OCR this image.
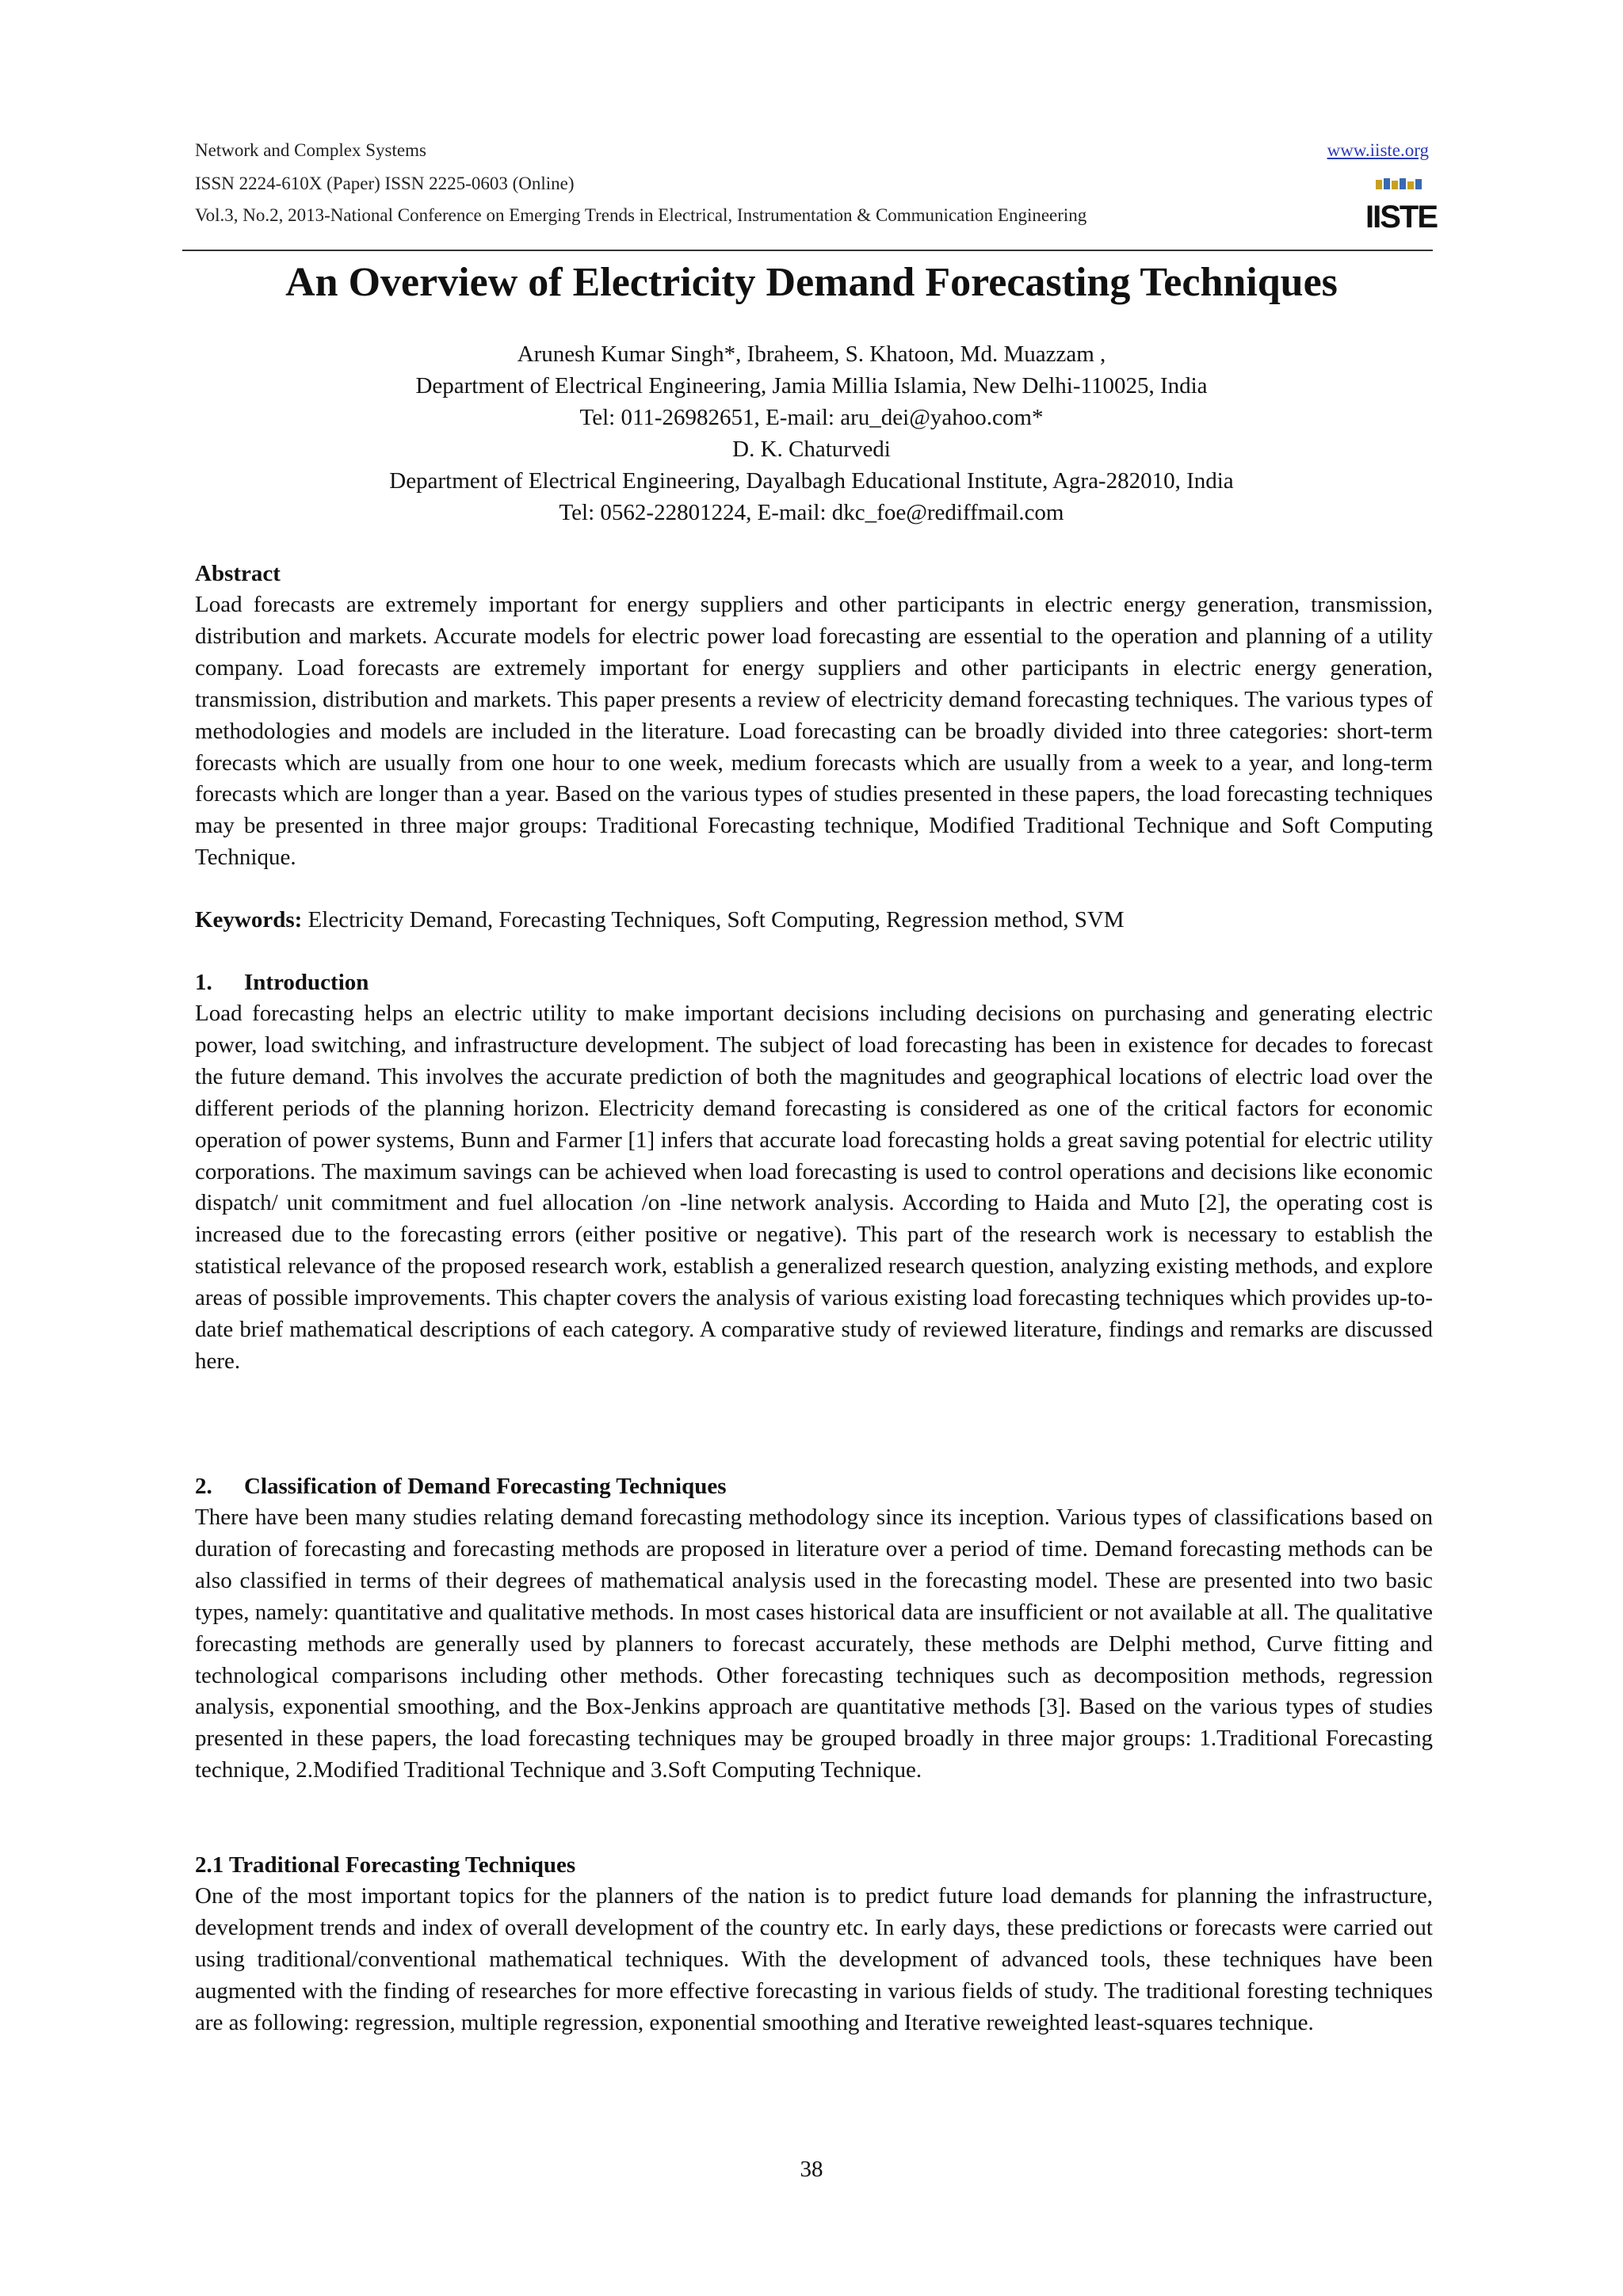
Network and Complex Systems	www.iiste.org
ISSN 2224-610X (Paper) ISSN 2225-0603 (Online)
Vol.3, No.2, 2013-National Conference on Emerging Trends in Electrical, Instrumentation & Communication Engineering	IISTE
An Overview of Electricity Demand Forecasting Techniques
Arunesh Kumar Singh*, Ibraheem, S. Khatoon, Md. Muazzam ,
Department of Electrical Engineering, Jamia Millia Islamia, New Delhi-110025, India
Tel: 011-26982651, E-mail: aru_dei@yahoo.com*
D. K. Chaturvedi
Department of Electrical Engineering, Dayalbagh Educational Institute, Agra-282010, India
Tel: 0562-22801224, E-mail: dkc_foe@rediffmail.com
Abstract

Load forecasts are extremely important for energy suppliers and other participants in electric energy generation, transmission, distribution and markets. Accurate models for electric power load forecasting are essential to the operation and planning of a utility company. Load forecasts are extremely important for energy suppliers and other participants in electric energy generation, transmission, distribution and markets. This paper presents a review of electricity demand forecasting techniques. The various types of methodologies and models are included in the literature. Load forecasting can be broadly divided into three categories: short-term forecasts which are usually from one hour to one week, medium forecasts which are usually from a week to a year, and long-term forecasts which are longer than a year. Based on the various types of studies presented in these papers, the load forecasting techniques may be presented in three major groups: Traditional Forecasting technique, Modified Traditional Technique and Soft Computing Technique.

Keywords: Electricity Demand, Forecasting Techniques, Soft Computing, Regression method, SVM

1. Introduction

Load forecasting helps an electric utility to make important decisions including decisions on purchasing and generating electric power, load switching, and infrastructure development. The subject of load forecasting has been in existence for decades to forecast the future demand. This involves the accurate prediction of both the magnitudes and geographical locations of electric load over the different periods of the planning horizon. Electricity demand forecasting is considered as one of the critical factors for economic operation of power systems, Bunn and Farmer [1] infers that accurate load forecasting holds a great saving potential for electric utility corporations. The maximum savings can be achieved when load forecasting is used to control operations and decisions like economic dispatch/ unit commitment and fuel allocation /on -line network analysis. According to Haida and Muto [2], the operating cost is increased due to the forecasting errors (either positive or negative). This part of the research work is necessary to establish the statistical relevance of the proposed research work, establish a generalized research question, analyzing existing methods, and explore areas of possible improvements. This chapter covers the analysis of various existing load forecasting techniques which provides up-to-date brief mathematical descriptions of each category. A comparative study of reviewed literature, findings and remarks are discussed here.

2. Classification of Demand Forecasting Techniques

There have been many studies relating demand forecasting methodology since its inception. Various types of classifications based on duration of forecasting and forecasting methods are proposed in literature over a period of time. Demand forecasting methods can be also classified in terms of their degrees of mathematical analysis used in the forecasting model. These are presented into two basic types, namely: quantitative and qualitative methods. In most cases historical data are insufficient or not available at all. The qualitative forecasting methods are generally used by planners to forecast accurately, these methods are Delphi method, Curve fitting and technological comparisons including other methods. Other forecasting techniques such as decomposition methods, regression analysis, exponential smoothing, and the Box-Jenkins approach are quantitative methods [3]. Based on the various types of studies presented in these papers, the load forecasting techniques may be grouped broadly in three major groups: 1.Traditional Forecasting technique, 2.Modified Traditional Technique and 3.Soft Computing Technique.

2.1 Traditional Forecasting Techniques

One of the most important topics for the planners of the nation is to predict future load demands for planning the infrastructure, development trends and index of overall development of the country etc. In early days, these predictions or forecasts were carried out using traditional/conventional mathematical techniques. With the development of advanced tools, these techniques have been augmented with the finding of researches for more effective forecasting in various fields of study. The traditional foresting techniques are as following: regression, multiple regression, exponential smoothing and Iterative reweighted least-squares technique.

38
